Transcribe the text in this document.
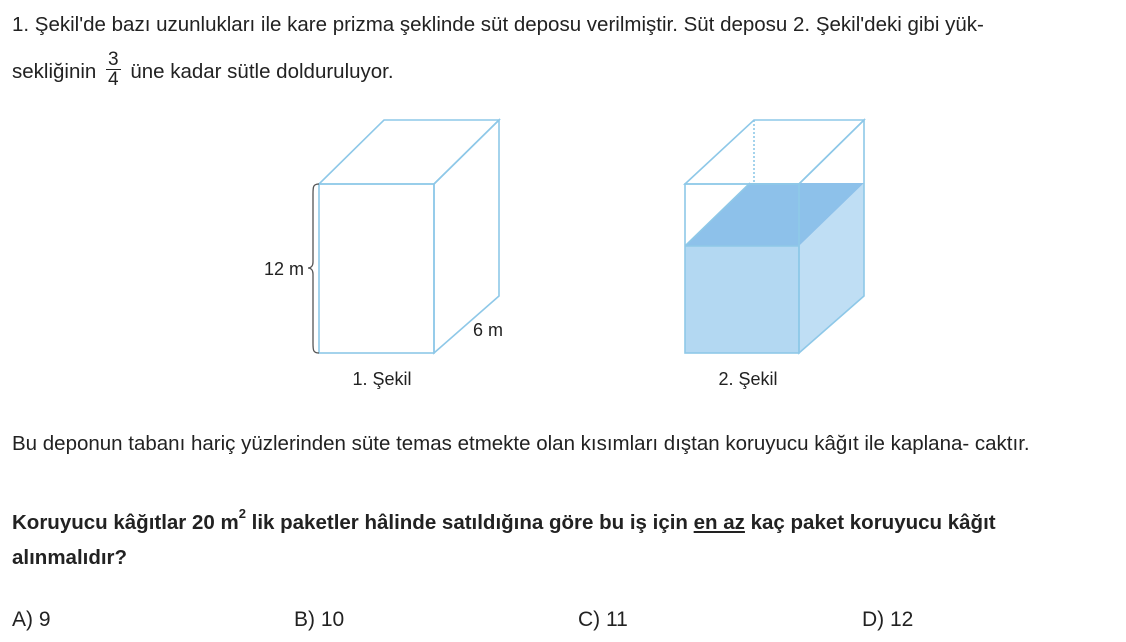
1. Şekil'de bazı uzunlukları ile kare prizma şeklinde süt deposu verilmiştir. Süt deposu 2. Şekil'deki gibi yük-
sekliğinin $\frac{3}{4}$ üne kadar sütle dolduruluyor.
12 m
6 m
1. Şekil	2. Şekil
Bu deponun tabanı hariç yüzlerinden süte temas etmekte olan kısımları dıştan koruyucu kâğıt ile kaplana- caktır.
Koruyucu kâğıtlar 20 $m^2$ lik paketler hâlinde satıldığına göre bu iş için en az kaç paket koruyucu kâğıt alınmalıdır?
A) 9	B) 10	C) 11	D) 12
